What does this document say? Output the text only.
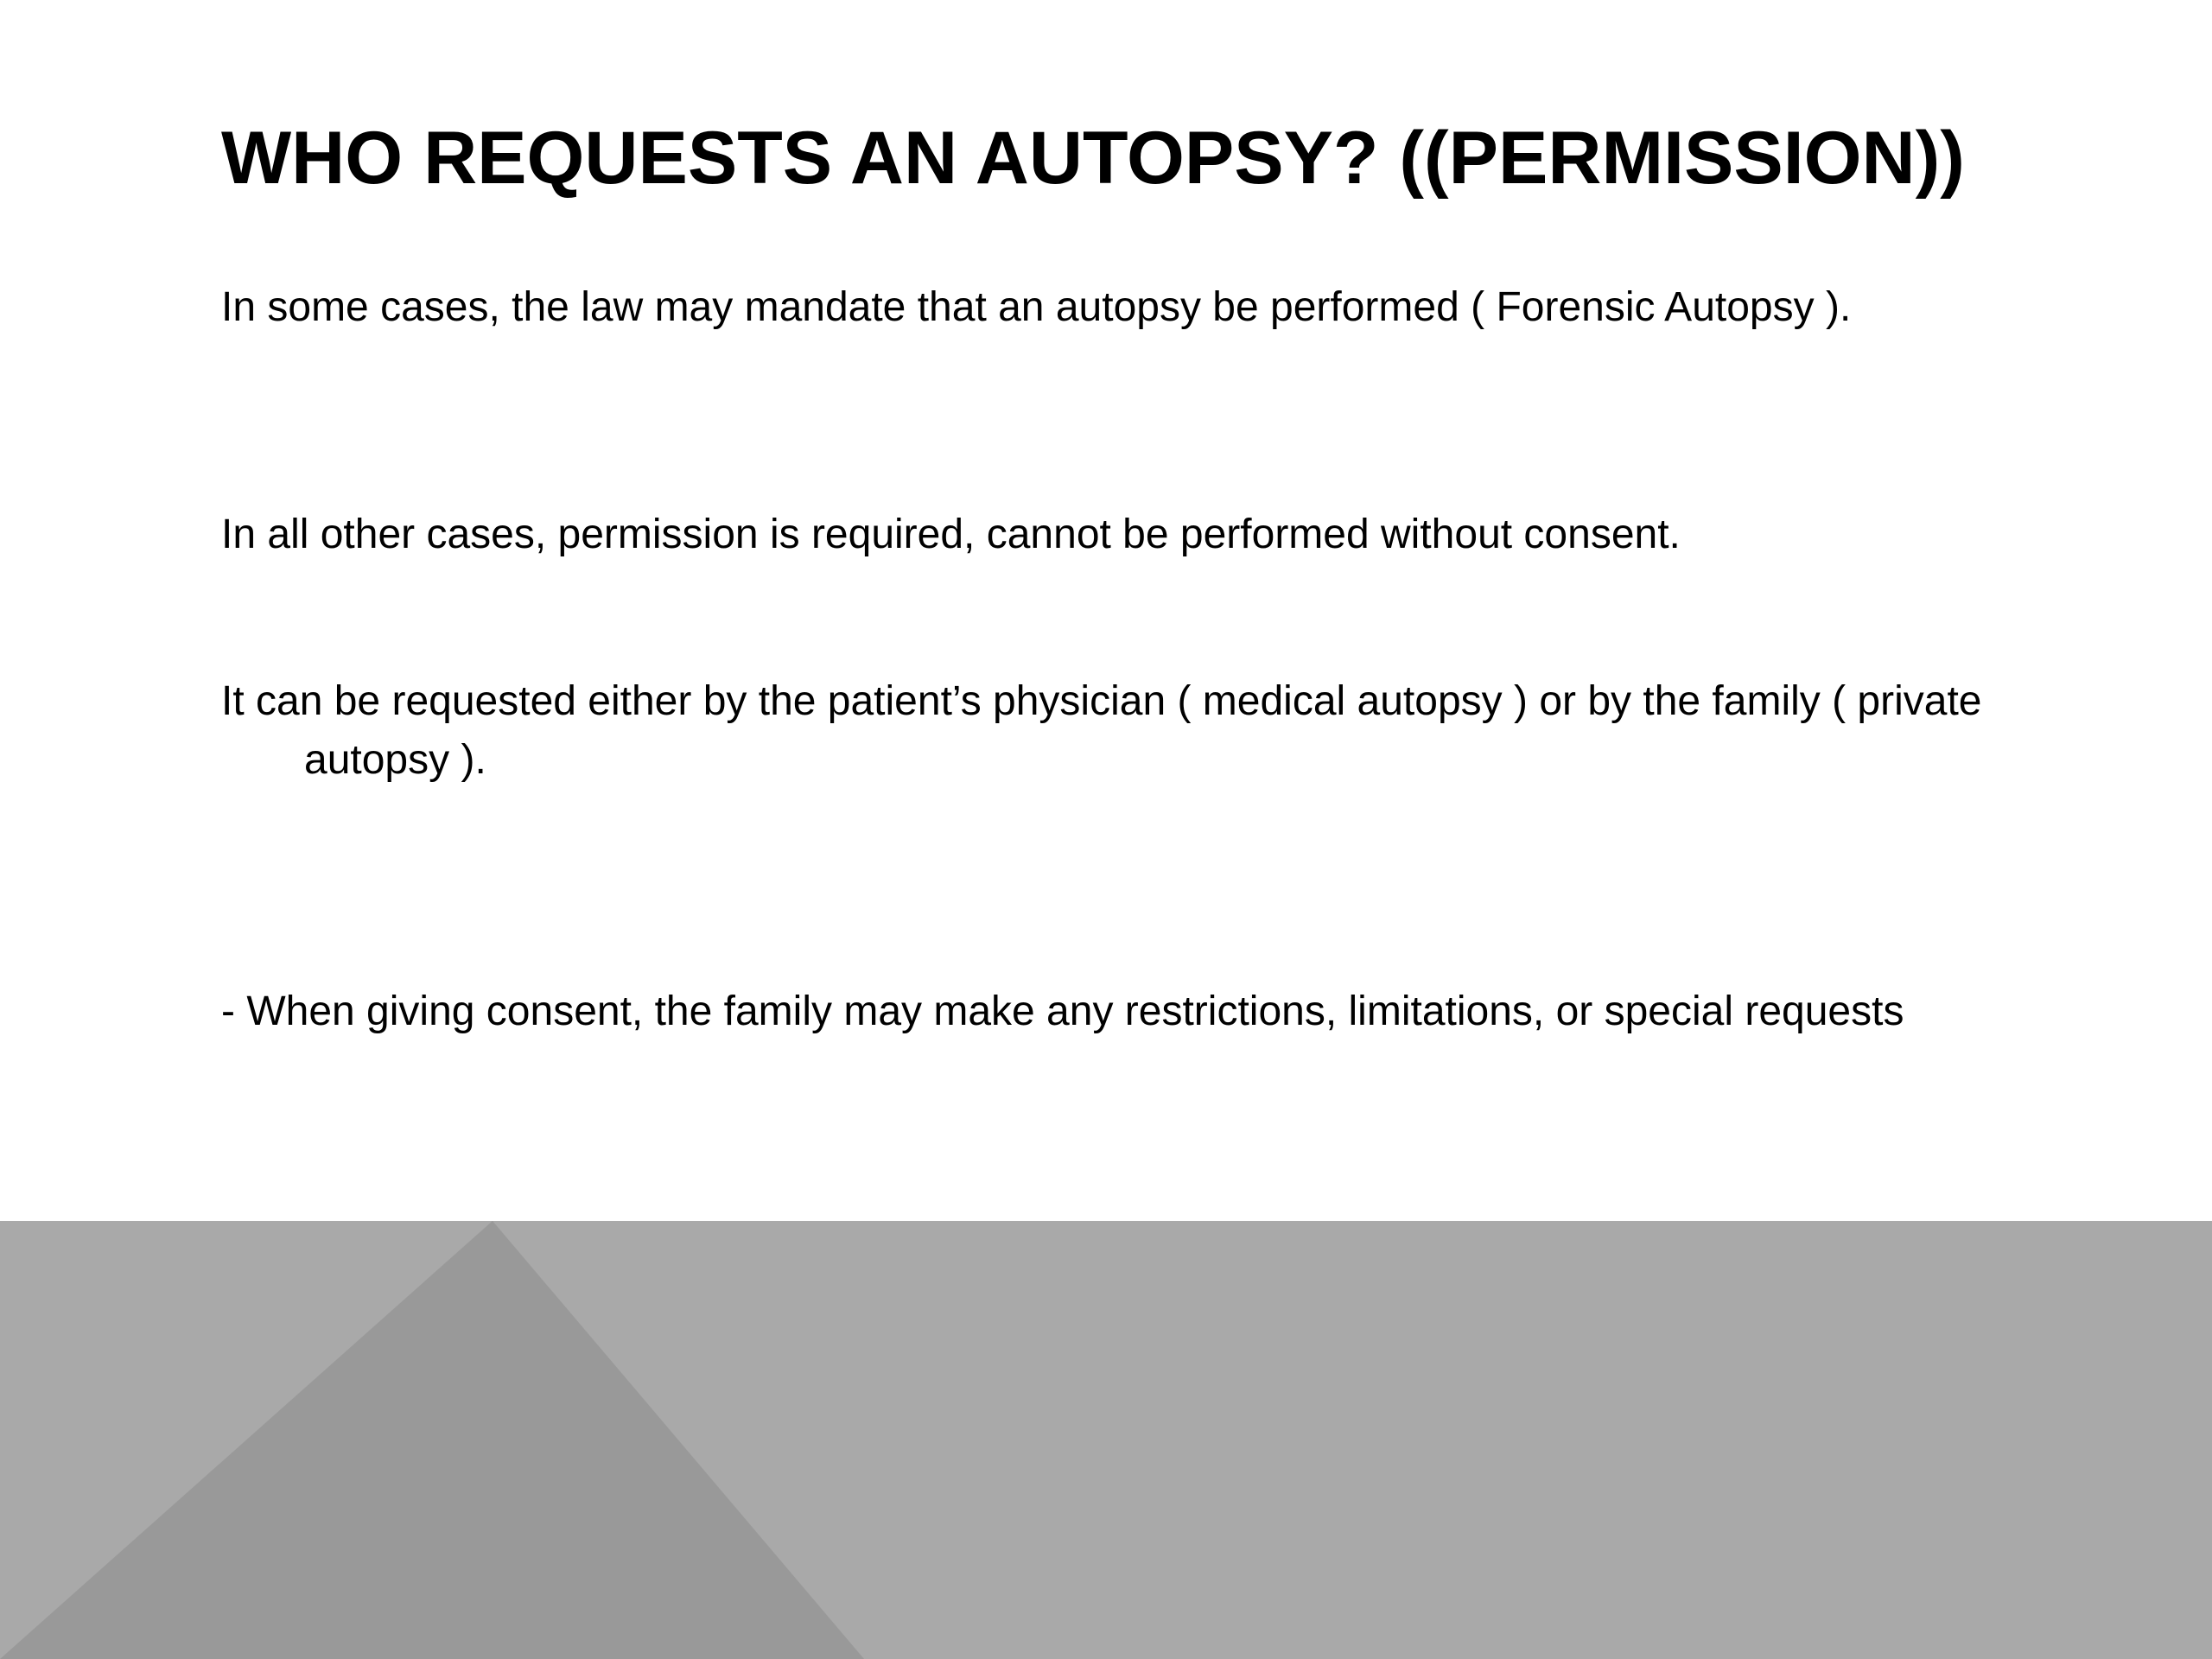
WHO REQUESTS AN AUTOPSY? ((PERMISSION))

In some cases, the law may mandate that an autopsy be performed ( Forensic Autopsy ).

In all other cases, permission is required, cannot be performed without consent.

It can be requested either by the patient’s physician ( medical autopsy ) or by the family ( private autopsy ).

- When giving consent, the family may make any restrictions, limitations, or special requests
